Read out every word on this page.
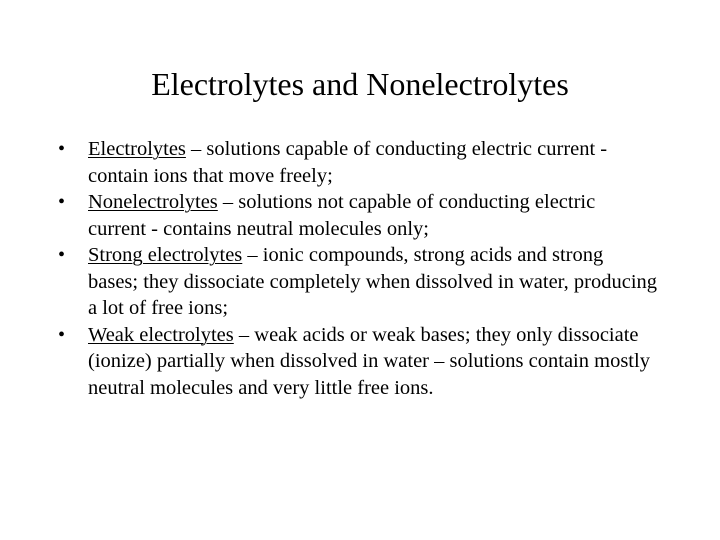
Electrolytes and Nonelectrolytes
•	Electrolytes – solutions capable of conducting electric current - contain ions that move freely;
•	Nonelectrolytes – solutions not capable of conducting electric current - contains neutral molecules only;
•	Strong electrolytes – ionic compounds, strong acids and strong bases; they dissociate completely when dissolved in water, producing a lot of free ions;
•	Weak electrolytes – weak acids or weak bases; they only dissociate (ionize) partially when dissolved in water – solutions contain mostly neutral molecules and very little free ions.
